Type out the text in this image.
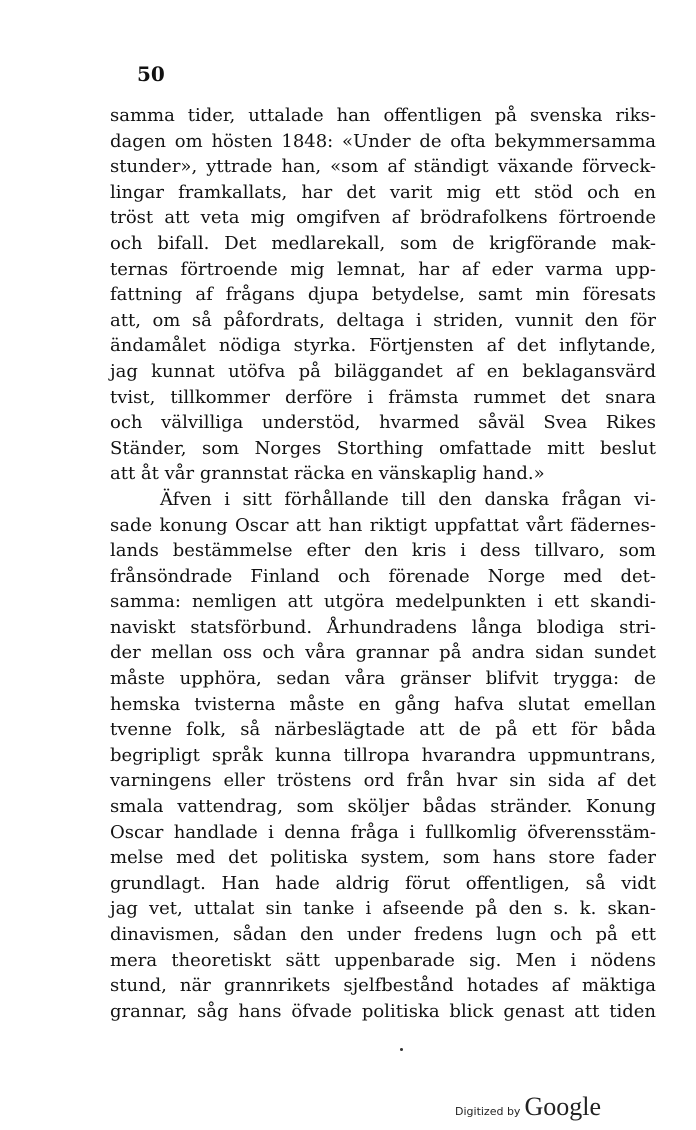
50
samma tider, uttalade han offentligen på svenska riks-
dagen om hösten 1848: «Under de ofta bekymmersamma
stunder», yttrade han, «som af ständigt växande förveck-
lingar framkallats, har det varit mig ett stöd och en
tröst att veta mig omgifven af brödrafolkens förtroende
och bifall. Det medlarekall, som de krigförande mak-
ternas förtroende mig lemnat, har af eder varma upp-
fattning af frågans djupa betydelse, samt min föresats
att, om så påfordrats, deltaga i striden, vunnit den för
ändamålet nödiga styrka. Förtjensten af det inflytande,
jag kunnat utöfva på biläggandet af en beklagansvärd
tvist, tillkommer derföre i främsta rummet det snara
och välvilliga understöd, hvarmed såväl Svea Rikes
Ständer, som Norges Storthing omfattade mitt beslut
att åt vår grannstat räcka en vänskaplig hand.»
Äfven i sitt förhållande till den danska frågan vi-
sade konung Oscar att han riktigt uppfattat vårt fädernes-
lands bestämmelse efter den kris i dess tillvaro, som
frånsöndrade Finland och förenade Norge med det-
samma: nemligen att utgöra medelpunkten i ett skandi-
naviskt statsförbund. Århundradens långa blodiga stri-
der mellan oss och våra grannar på andra sidan sundet
måste upphöra, sedan våra gränser blifvit trygga: de
hemska tvisterna måste en gång hafva slutat emellan
tvenne folk, så närbeslägtade att de på ett för båda
begripligt språk kunna tillropa hvarandra uppmuntrans,
varningens eller tröstens ord från hvar sin sida af det
smala vattendrag, som sköljer bådas stränder. Konung
Oscar handlade i denna fråga i fullkomlig öfverensstäm-
melse med det politiska system, som hans store fader
grundlagt. Han hade aldrig förut offentligen, så vidt
jag vet, uttalat sin tanke i afseende på den s. k. skan-
dinavismen, sådan den under fredens lugn och på ett
mera theoretiskt sätt uppenbarade sig. Men i nödens
stund, när grannrikets sjelfbestånd hotades af mäktiga
grannar, såg hans öfvade politiska blick genast att tiden
Digitized by Google
